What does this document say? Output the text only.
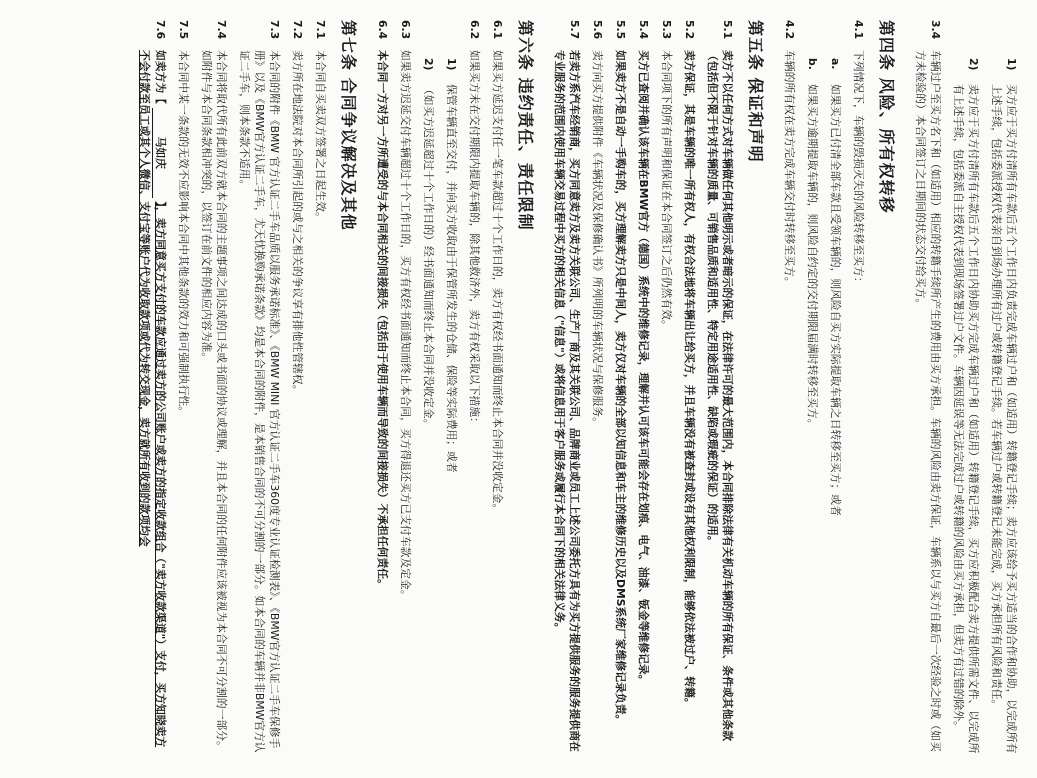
1)
买方应于买方付清所有车款后五个工作日内负责完成车辆过户和（如适用）转籍登记手续；卖方应该给予买方适当的合作和协助，以完成所有上述手续，包括委派授权代表亲自到场办理所有过户或转籍登记手续。若车辆过户或转籍登记未能完成，买方承担所有风险和责任。
2)
卖方应于买方付清所有车款后五个工作日内协助买方完成车辆过户和（如适用）转籍登记手续，买方应积极配合卖方提供所需文件、以完成所有上述手续，包括委派自主授权代表到现场签署过户文件。车辆因延误等无法完成过户或转籍的风险由买方承担，但卖方有过错的除外。
3.4
车辆过户至买方名下和（如适用）相应的转籍手续所产生的费用由买方承担。车辆的风险由卖方保证，车辆系以与买方自最后一次经验之时或（如买方未检验的）本合同签订之日期间的状态交付给买方。
第四条 风险、所有权转移
4.1
下列情况下，车辆的毁损灭失的风险转移至买方：
a.
如果买方已付清全部车款且受领车辆的，则风险自买方实际提取车辆之日转移至买方；或者
b.
如果买方逾期提取车辆的，则风险自约定的交付期限届满时转移至买方。
4.2
车辆的所有权在卖方完成车辆交付时转移至买方。
第五条 保证和声明
5.1
卖方不以任何方式对车辆做任何其他明示或者暗示的保证，在法律许可的最大范围内，本合同排除法律有关机动车辆的所有保证、条件或其他条款（包括但不限于针对车辆的质量、可销售品质和适用性、特定用途适用性、缺陷或瑕疵的保证）的适用。
5.2
卖方保证，其是车辆的唯一所有权人，有权合法地将车辆出让给买方，并且车辆没有被查封或设有其他权利限制，能够依法被过户、转籍。
5.3
本合同项下的所有声明和保证在本合同签订之后仍然有效。
5.4
买方已查阅并确认该车辆在BMW官方（德国）系统中的维修记录，理解并认可该车可能会存在划痕、电气、油漆、钣金等维修记录。
5.5
如果卖方不是自动一手购车的，买方理解卖方只是中间人，卖方仅对车辆的全部以知信息和车主的维修历史以及DMS系统厂家维修记录负责。
5.6
卖方向买方提供附件《车辆状况及保修确认书》所列明的车辆状况与保修服务。
5.7
若卖方系汽车经销商，买方同意卖方及卖方关联公司、生产厂商及其关联公司、品牌商业或员工上述公司委托方具有为买方提供服务的服务提供商在专业服务的范围内使用车辆交易过程中买方的相关信息（"信息"）或将信息用于客户服务或履行本合同下的相关法律义务。
第六条 违约责任、责任限制
6.1
如果买方延迟支付任一笔车款超过十个工作日的，卖方有权经书面通知而终止本合同并没收定金。
6.2
如果买方未在交付期限内提取车辆的，除其他救济外，卖方有权采取以下措施：
1)
保管车辆直至交付，并向买方收取由于保管所发生的仓储、保险等实际费用；或者
2)
（如买方迟延超过十个工作日的）经书面通知而终止本合同并没收定金。
6.3
如果卖方迟延交付车辆超过十个工作日的，买方有权经书面通知而终止本合同，买方得退还买方已支付车款及定金。
6.4
本合同一方对另一方所遭受的与本合同相关的间接损失（包括由于使用车辆而导致的间接损失）不承担任何责任。
第七条 合同争议解决及其他
7.1
本合同自买卖双方签署之日起生效。
7.2
卖方所在地法院对本合同所引起的或与之相关的争议享有排他性管辖权。
7.3
本合同的附件《BMW 官方认证二手车品质以服务承诺标准》、《BMW MINI 官方认证二手车360度专业认证检测表》、《BMW官方认证二手车保修手册》以及《BMW官方认证二手车，尤天忧换购承诺条款》均是本合同的附件，是本销售合同的不可分割的一部分。如本合同的车辆并非BMW官方认证二手车，则本条款不适用。
7.4
本合同将取代所有此前双方就本合同的主题事项之间达成的口头或书面的协议或理解，并且本合同的任何附件应该被视为本合同不可分割的一部分。如附件与本合同条款相冲突的，以签订在前文件的相应内容为准。
7.5
本合同中某一条款的无效不应影响本合同中其他条款的效力和可强制执行性。
7.6
如卖方为【 马如庆 】，卖方同意买方支付的车款应通过卖方的公司账户或卖方的指定收款组合（"卖方收款渠道"）支付，买方知晓卖方不会付款至员工或其个人微信、支付宝等账户代为收取款项或代为转交现金，卖方就所有收到的款项均会
